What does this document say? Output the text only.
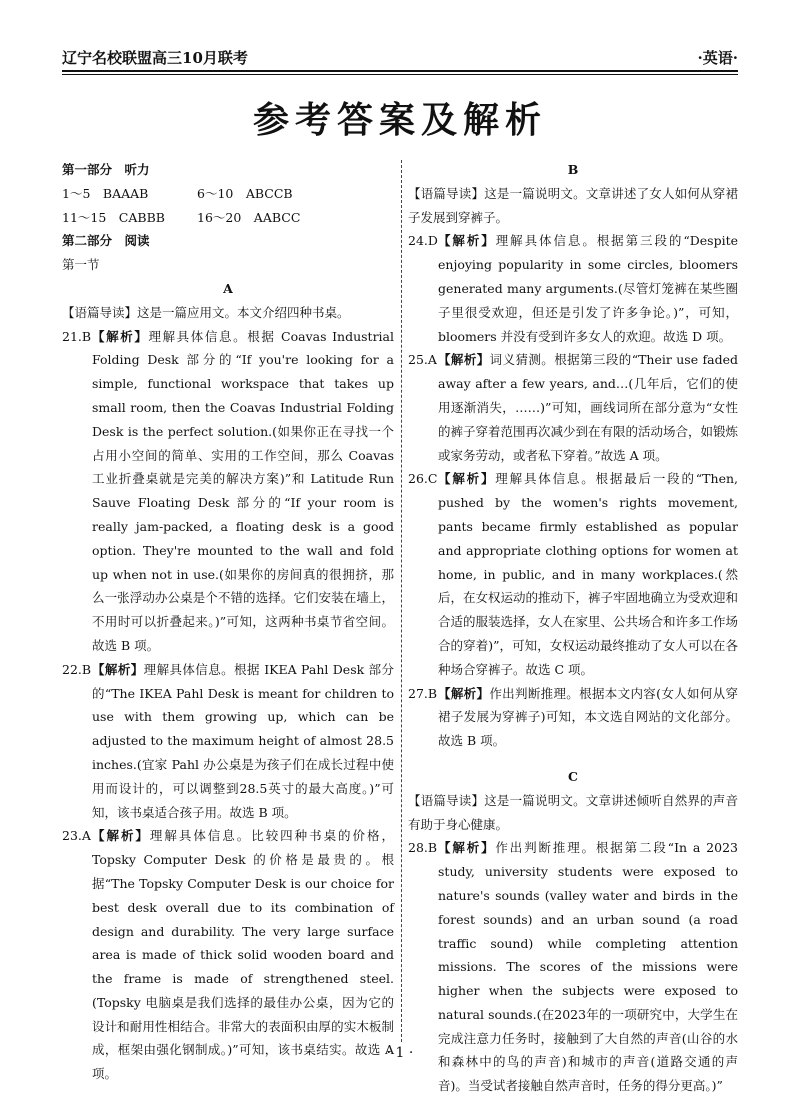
辽宁名校联盟高三10月联考	·英语·
参考答案及解析
第一部分　听力
1～5　BAAAB	6～10　ABCCB
11～15　CABBB	16～20　AABCC
第二部分　阅读
第一节
A

【语篇导读】这是一篇应用文。本文介绍四种书桌。

21.B 【解析】理解具体信息。根据 Coavas Industrial Folding Desk 部分的“If you're looking for a simple, functional workspace that takes up small room, then the Coavas Industrial Folding Desk is the perfect solution.(如果你正在寻找一个占用小空间的简单、实用的工作空间，那么 Coavas 工业折叠桌就是完美的解决方案)”和 Latitude Run Sauve Floating Desk 部分的“If your room is really jam-packed, a floating desk is a good option. They're mounted to the wall and fold up when not in use.(如果你的房间真的很拥挤，那么一张浮动办公桌是个不错的选择。它们安装在墙上，不用时可以折叠起来。)”可知，这两种书桌节省空间。故选 B 项。
22.B 【解析】理解具体信息。根据 IKEA Pahl Desk 部分的“The IKEA Pahl Desk is meant for children to use with them growing up, which can be adjusted to the maximum height of almost 28.5 inches.(宜家 Pahl 办公桌是为孩子们在成长过程中使用而设计的，可以调整到28.5英寸的最大高度。)”可知，该书桌适合孩子用。故选 B 项。
23.A 【解析】理解具体信息。比较四种书桌的价格，Topsky Computer Desk 的价格是最贵的。根据“The Topsky Computer Desk is our choice for best desk overall due to its combination of design and durability. The very large surface area is made of thick solid wooden board and the frame is made of strengthened steel.(Topsky 电脑桌是我们选择的最佳办公桌，因为它的设计和耐用性相结合。非常大的表面积由厚的实木板制成，框架由强化钢制成。)”可知，该书桌结实。故选 A 项。
B

【语篇导读】这是一篇说明文。文章讲述了女人如何从穿裙子发展到穿裤子。

24.D 【解析】理解具体信息。根据第三段的“Despite enjoying popularity in some circles, bloomers generated many arguments.(尽管灯笼裤在某些圈子里很受欢迎，但还是引发了许多争论。)”，可知，bloomers 并没有受到许多女人的欢迎。故选 D 项。
25.A 【解析】词义猜测。根据第三段的“Their use faded away after a few years, and…(几年后，它们的使用逐渐消失，……)”可知，画线词所在部分意为“女性的裤子穿着范围再次减少到在有限的活动场合，如锻炼或家务劳动，或者私下穿着。”故选 A 项。
26.C 【解析】理解具体信息。根据最后一段的“Then, pushed by the women's rights movement, pants became firmly established as popular and appropriate clothing options for women at home, in public, and in many workplaces.(然后，在女权运动的推动下，裤子牢固地确立为受欢迎和合适的服装选择，女人在家里、公共场合和许多工作场合的穿着)”，可知，女权运动最终推动了女人可以在各种场合穿裤子。故选 C 项。
27.B 【解析】作出判断推理。根据本文内容(女人如何从穿裙子发展为穿裤子)可知，本文选自网站的文化部分。故选 B 项。
C

【语篇导读】这是一篇说明文。文章讲述倾听自然界的声音有助于身心健康。

28.B 【解析】作出判断推理。根据第二段“In a 2023 study, university students were exposed to nature's sounds (valley water and birds in the forest sounds) and an urban sound (a road traffic sound) while completing attention missions. The scores of the missions were higher when the subjects were exposed to natural sounds.(在2023年的一项研究中，大学生在完成注意力任务时，接触到了大自然的声音(山谷的水和森林中的鸟的声音)和城市的声音(道路交通的声音)。当受试者接触自然声音时，任务的得分更高。)”
· 1 ·
